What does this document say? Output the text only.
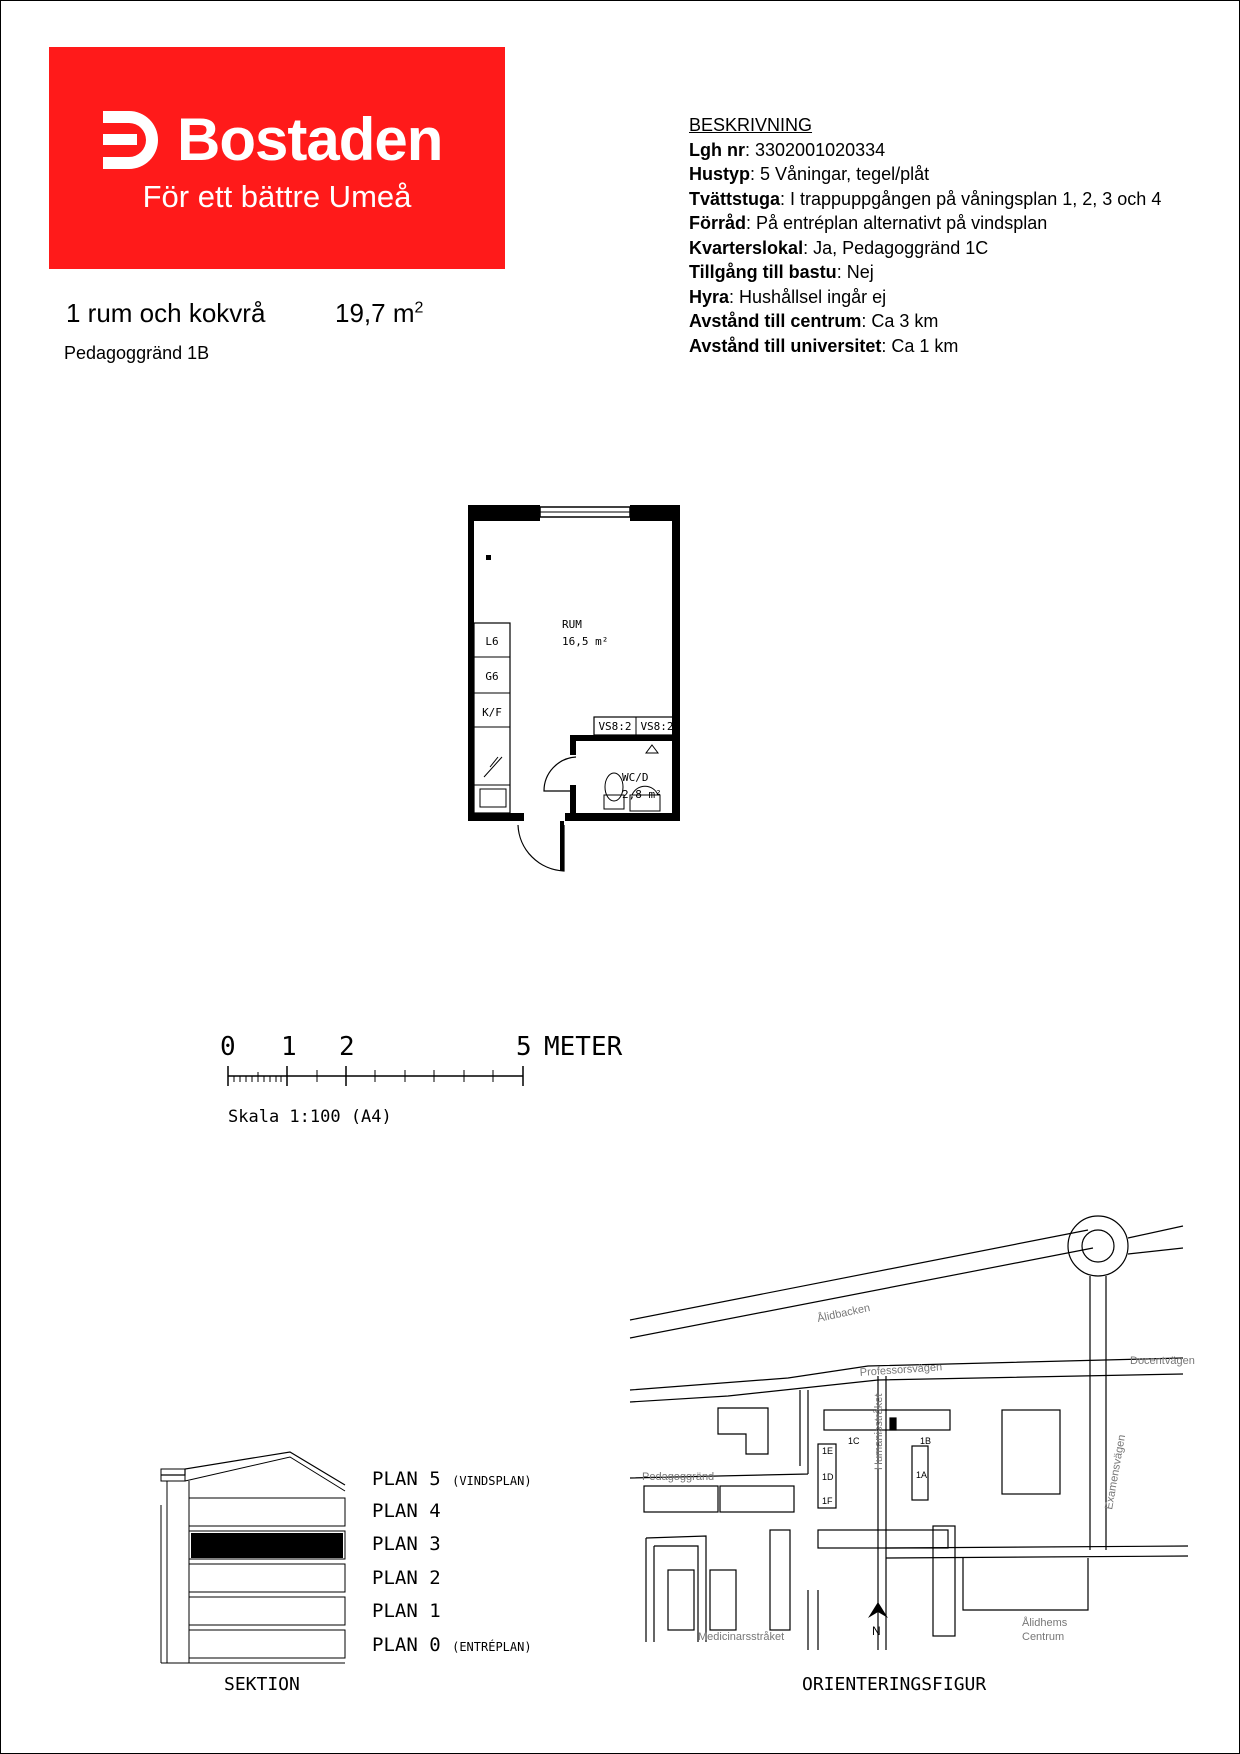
Bostaden
För ett bättre Umeå
1 rum och kokvrå	19,7 $m^2$
Pedagoggränd 1B
BESKRIVNING
Lgh nr: 3302001020334
Hustyp: 5 Våningar, tegel/plåt
Tvättstuga: I trappuppgången på våningsplan 1, 2, 3 och 4
Förråd: På entréplan alternativt på vindsplan
Kvarterslokal: Ja, Pedagoggränd 1C
Tillgång till bastu: Nej
Hyra: Hushållsel ingår ej
Avstånd till centrum: Ca 3 km
Avstånd till universitet: Ca 1 km
RUM
16,5 m²
WC/D
2,8 m²
L6
G6
K/F
VS8:2 VS8:2
0 1 2	5 METER
Skala 1:100 (A4)
PLAN 5 (VINDSPLAN)
PLAN 4
PLAN 3
PLAN 2
PLAN 1
PLAN 0 (ENTRÉPLAN)
SEKTION
N
Ålidbacken
Professorsvägen
Docentvägen
Pedagoggränd
Humanisstråket
Examensvägen
Medicinarsstråket
1E
1D
1F
1C	1B
1A
Ålidhems
Centrum
ORIENTERINGSFIGUR
